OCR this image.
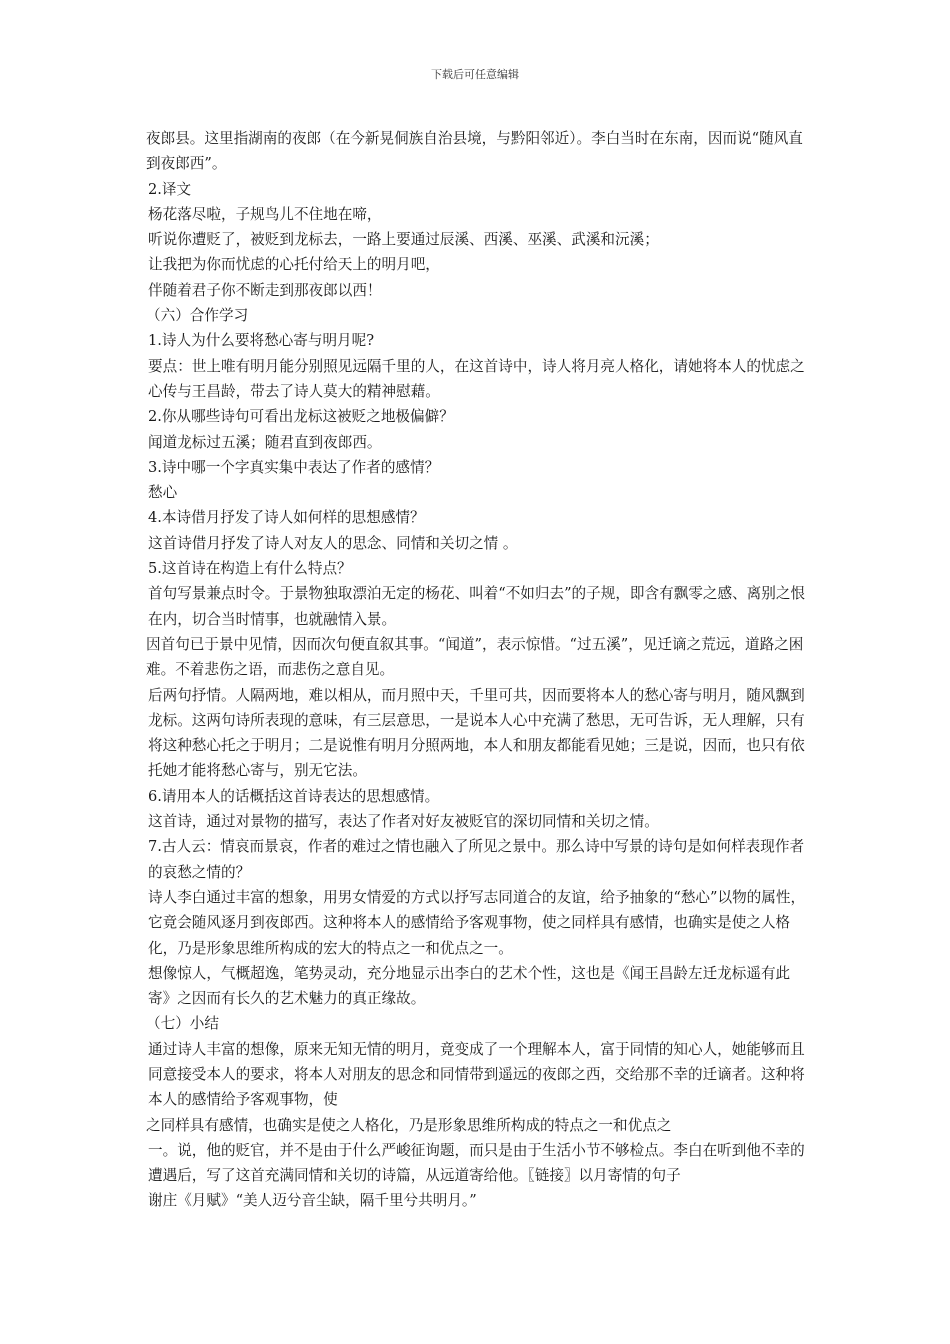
下载后可任意编辑

夜郎县。这里指湖南的夜郎（在今新晃侗族自治县境，与黔阳邻近）。李白当时在东南，因而说“随风直到夜郎西”。

2.译文

杨花落尽啦，子规鸟儿不住地在啼，

听说你遭贬了，被贬到龙标去，一路上要通过辰溪、西溪、巫溪、武溪和沅溪；

让我把为你而忧虑的心托付给天上的明月吧，

伴随着君子你不断走到那夜郎以西！

（六）合作学习

1.诗人为什么要将愁心寄与明月呢?

要点：世上唯有明月能分别照见远隔千里的人，在这首诗中，诗人将月亮人格化，请她将本人的忧虑之心传与王昌龄，带去了诗人莫大的精神慰藉。

2.你从哪些诗句可看出龙标这被贬之地极偏僻？

闻道龙标过五溪；随君直到夜郎西。

3.诗中哪一个字真实集中表达了作者的感情？

愁心

4.本诗借月抒发了诗人如何样的思想感情？

这首诗借月抒发了诗人对友人的思念、同情和关切之情 。

5.这首诗在构造上有什么特点？

首句写景兼点时令。于景物独取漂泊无定的杨花、叫着“不如归去”的子规，即含有飘零之感、离别之恨在内，切合当时情事，也就融情入景。

因首句已于景中见情，因而次句便直叙其事。“闻道”，表示惊惜。“过五溪”，见迁谪之荒远，道路之困难。不着悲伤之语，而悲伤之意自见。

后两句抒情。人隔两地，难以相从，而月照中天，千里可共，因而要将本人的愁心寄与明月，随风飘到龙标。这两句诗所表现的意味，有三层意思，一是说本人心中充满了愁思，无可告诉，无人理解，只有将这种愁心托之于明月；二是说惟有明月分照两地，本人和朋友都能看见她；三是说，因而，也只有依托她才能将愁心寄与，别无它法。

6.请用本人的话概括这首诗表达的思想感情。

这首诗，通过对景物的描写，表达了作者对好友被贬官的深切同情和关切之情。

7.古人云：情哀而景哀，作者的难过之情也融入了所见之景中。那么诗中写景的诗句是如何样表现作者的哀愁之情的？

诗人李白通过丰富的想象，用男女情爱的方式以抒写志同道合的友谊，给予抽象的“愁心”以物的属性，它竟会随风逐月到夜郎西。这种将本人的感情给予客观事物，使之同样具有感情，也确实是使之人格化，乃是形象思维所构成的宏大的特点之一和优点之一。

想像惊人，气概超逸，笔势灵动，充分地显示出李白的艺术个性，这也是《闻王昌龄左迁龙标遥有此寄》之因而有长久的艺术魅力的真正缘故。

（七）小结

通过诗人丰富的想像，原来无知无情的明月，竟变成了一个理解本人，富于同情的知心人，她能够而且同意接受本人的要求，将本人对朋友的思念和同情带到遥远的夜郎之西，交给那不幸的迁谪者。这种将本人的感情给予客观事物，使

之同样具有感情，也确实是使之人格化，乃是形象思维所构成的特点之一和优点之

一。说，他的贬官，并不是由于什么严峻征询题，而只是由于生活小节不够检点。李白在听到他不幸的遭遇后，写了这首充满同情和关切的诗篇，从远道寄给他。〖链接〗以月寄情的句子

谢庄《月赋》“美人迈兮音尘缺，隔千里兮共明月。”
